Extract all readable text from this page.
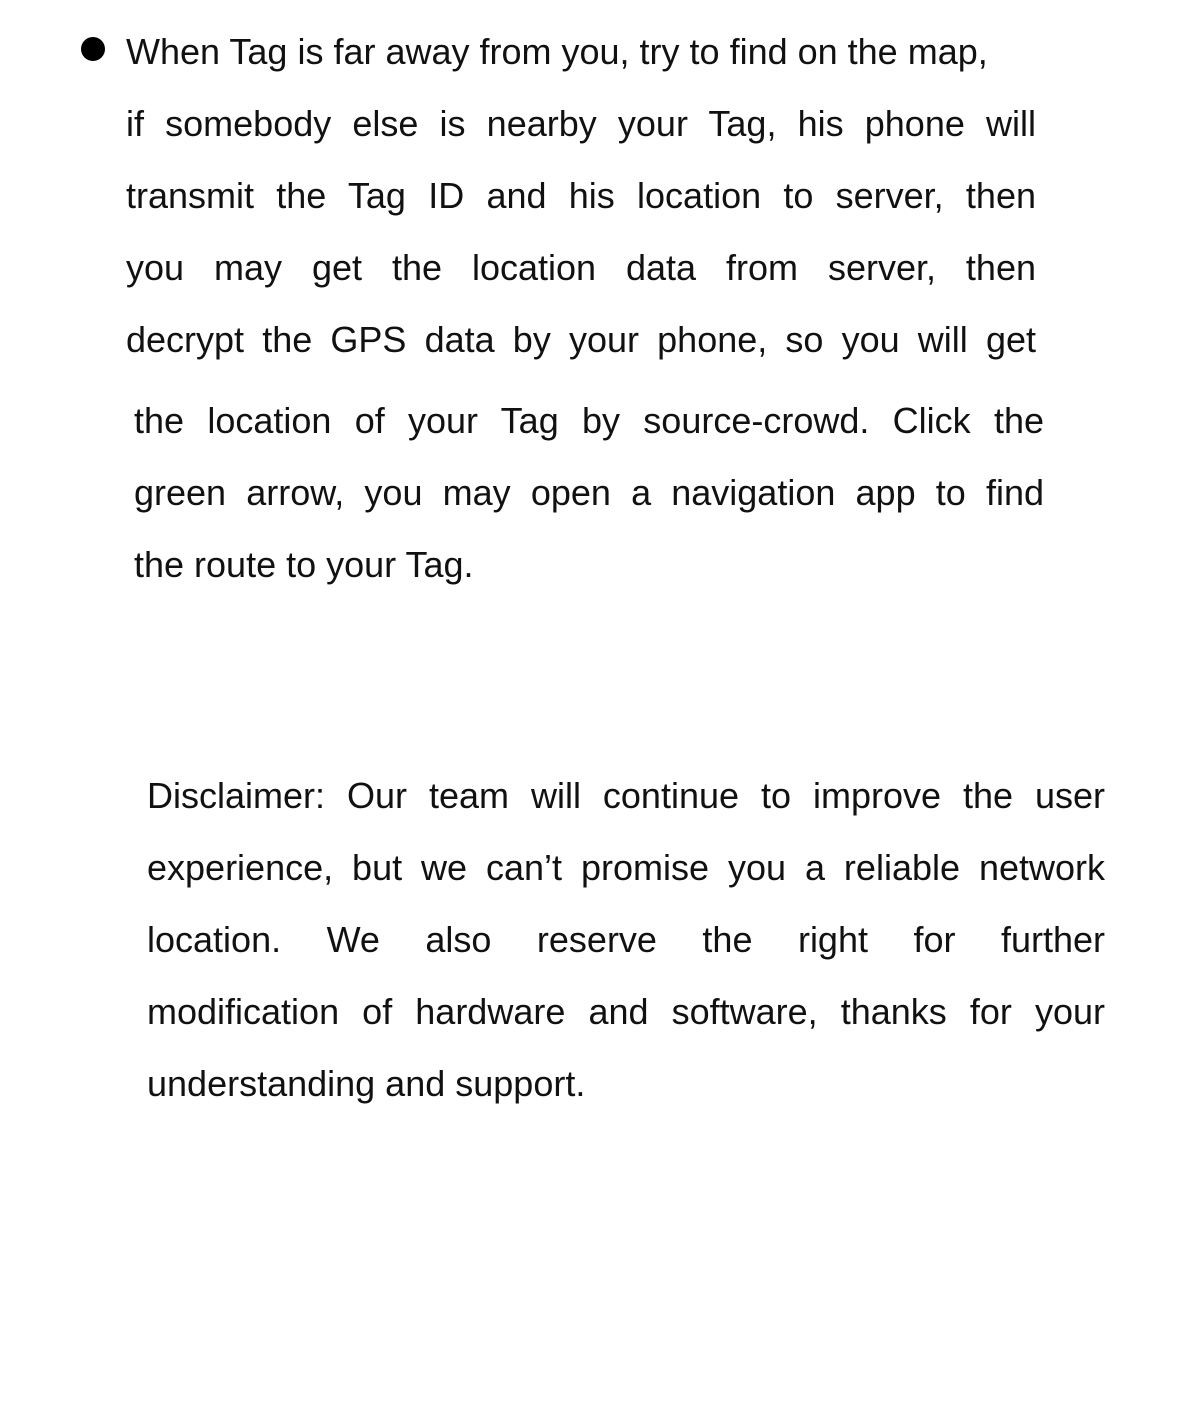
When Tag is far away from you, try to find on the map,

if somebody else is nearby your Tag, his phone will

transmit the Tag ID and his location to server, then

you may get the location data from server, then

decrypt the GPS data by your phone, so you will get

the location of your Tag by source-crowd. Click the

green arrow, you may open a navigation app to find

the route to your Tag.

Disclaimer: Our team will continue to improve the user

experience, but we can’t promise you a reliable network

location. We also reserve the right for further

modification of hardware and software, thanks for your

understanding and support.
